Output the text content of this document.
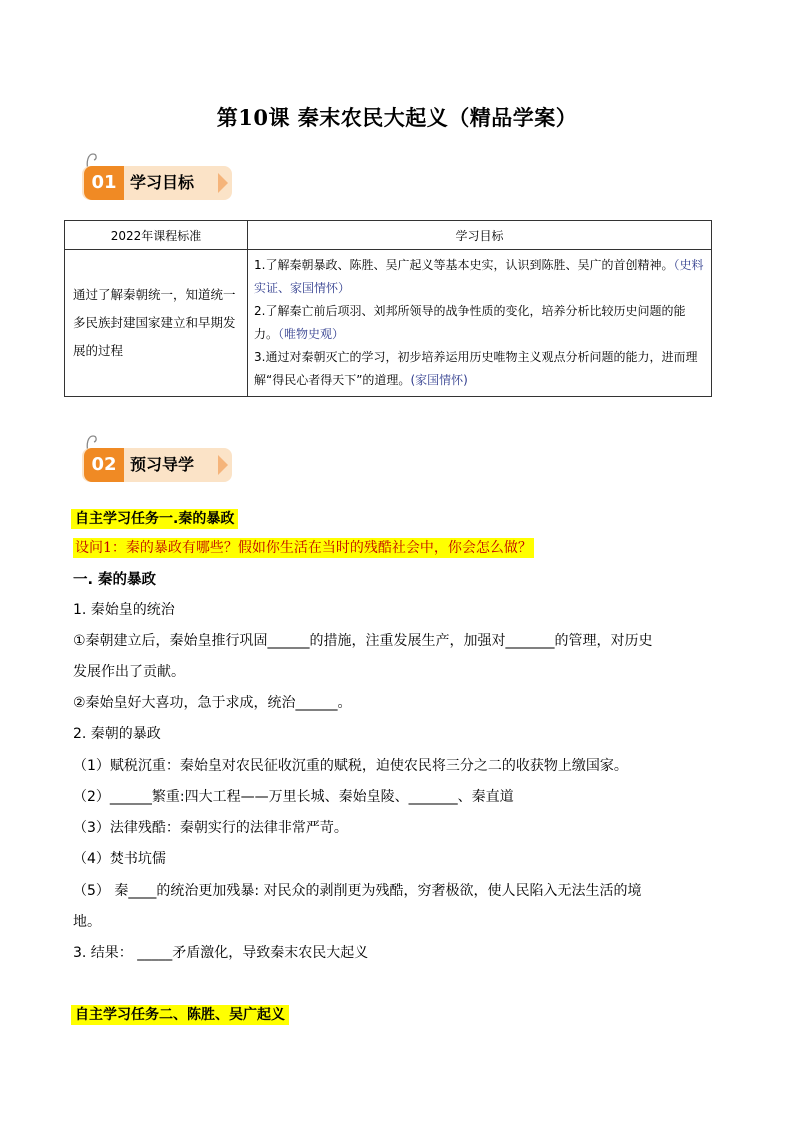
第10课 秦末农民大起义（精品学案）
01 学习目标
2022年课程标准	学习目标
通过了解秦朝统一，知道统一多民族封建国家建立和早期发展的过程	1.了解秦朝暴政、陈胜、吴广起义等基本史实，认识到陈胜、吴广的首创精神。（史料实证、家国情怀）
2.了解秦亡前后项羽、刘邦所领导的战争性质的变化，培养分析比较历史问题的能力。（唯物史观）
3.通过对秦朝灭亡的学习，初步培养运用历史唯物主义观点分析问题的能力，进而理解“得民心者得天下”的道理。(家国情怀)
02 预习导学
自主学习任务一.秦的暴政
设问1：秦的暴政有哪些？假如你生活在当时的残酷社会中，你会怎么做？
一. 秦的暴政
1. 秦始皇的统治
①秦朝建立后，秦始皇推行巩固______的措施，注重发展生产，加强对_______的管理，对历史
发展作出了贡献。
②秦始皇好大喜功，急于求成，统治______。
2. 秦朝的暴政
（1）赋税沉重：秦始皇对农民征收沉重的赋税，迫使农民将三分之二的收获物上缴国家。
（2）______繁重:四大工程——万里长城、秦始皇陵、_______、秦直道
（3）法律残酷：秦朝实行的法律非常严苛。
（4）焚书坑儒
（5） 秦____的统治更加残暴: 对民众的剥削更为残酷，穷奢极欲，使人民陷入无法生活的境
地。
3. 结果： _____矛盾激化，导致秦末农民大起义
自主学习任务二、陈胜、吴广起义
